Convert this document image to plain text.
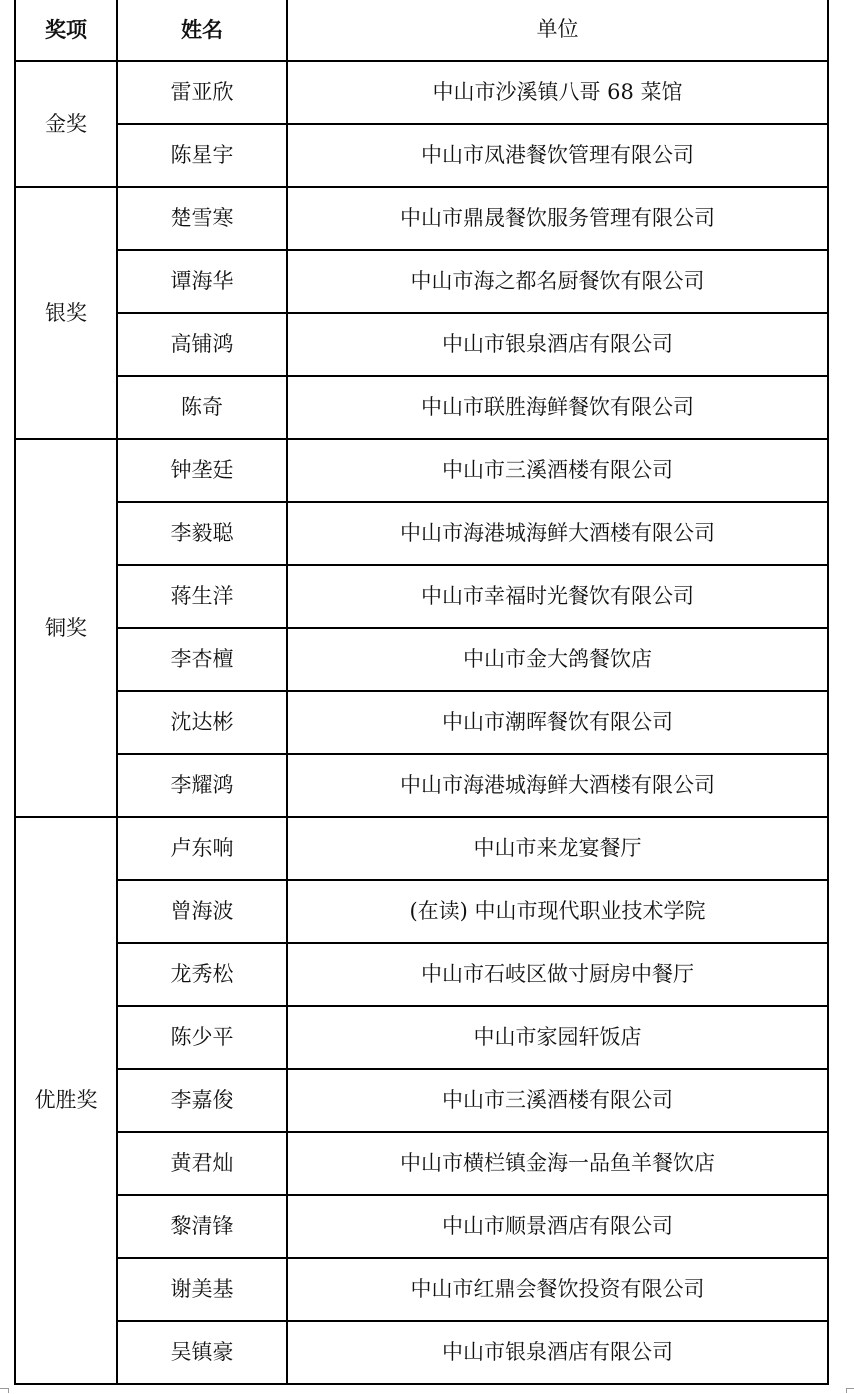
奖项	姓名	单位
金奖	雷亚欣	中山市沙溪镇八哥 68 菜馆
	陈星宇	中山市凤港餐饮管理有限公司
银奖	楚雪寒	中山市鼎晟餐饮服务管理有限公司
	谭海华	中山市海之都名厨餐饮有限公司
	高铺鸿	中山市银泉酒店有限公司
	陈奇	中山市联胜海鲜餐饮有限公司
铜奖	钟垄廷	中山市三溪酒楼有限公司
	李毅聪	中山市海港城海鲜大酒楼有限公司
	蒋生洋	中山市幸福时光餐饮有限公司
	李杏檀	中山市金大鸽餐饮店
	沈达彬	中山市潮晖餐饮有限公司
	李耀鸿	中山市海港城海鲜大酒楼有限公司
优胜奖	卢东响	中山市来龙宴餐厅
	曾海波	(在读) 中山市现代职业技术学院
	龙秀松	中山市石岐区做寸厨房中餐厅
	陈少平	中山市家园轩饭店
	李嘉俊	中山市三溪酒楼有限公司
	黄君灿	中山市横栏镇金海一品鱼羊餐饮店
	黎清锋	中山市顺景酒店有限公司
	谢美基	中山市红鼎会餐饮投资有限公司
	吴镇豪	中山市银泉酒店有限公司
